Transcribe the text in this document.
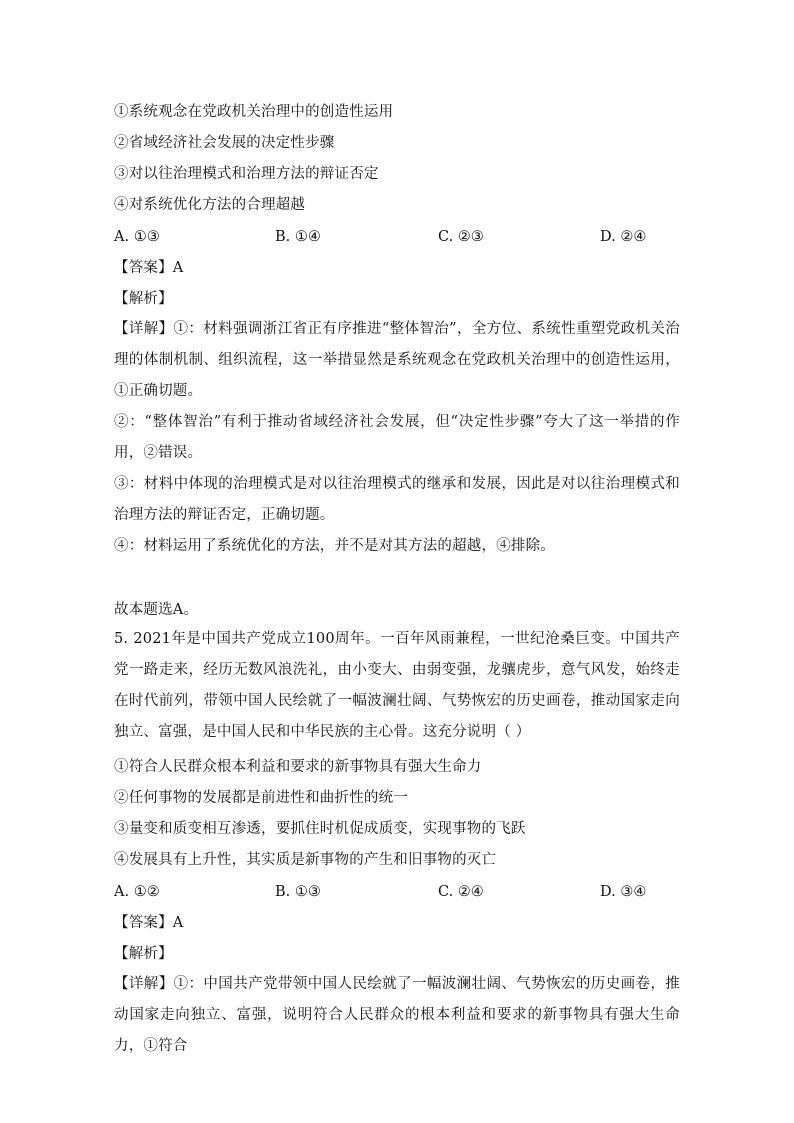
①系统观念在党政机关治理中的创造性运用
②省域经济社会发展的决定性步骤
③对以往治理模式和治理方法的辩证否定
④对系统优化方法的合理超越
A. ①③	B. ①④	C. ②③	D. ②④
【答案】A
【解析】
【详解】①：材料强调浙江省正有序推进“整体智治”，全方位、系统性重塑党政机关治理的体制机制、组织流程，这一举措显然是系统观念在党政机关治理中的创造性运用，①正确切题。
②：“整体智治”有利于推动省域经济社会发展，但“决定性步骤”夸大了这一举措的作用，②错误。
③：材料中体现的治理模式是对以往治理模式的继承和发展，因此是对以往治理模式和治理方法的辩证否定，正确切题。
④：材料运用了系统优化的方法，并不是对其方法的超越，④排除。
故本题选A。
5. 2021年是中国共产党成立100周年。一百年风雨兼程，一世纪沧桑巨变。中国共产党一路走来，经历无数风浪洗礼，由小变大、由弱变强，龙骧虎步，意气风发，始终走在时代前列，带领中国人民绘就了一幅波澜壮阔、气势恢宏的历史画卷，推动国家走向独立、富强，是中国人民和中华民族的主心骨。这充分说明（ ）
①符合人民群众根本利益和要求的新事物具有强大生命力
②任何事物的发展都是前进性和曲折性的统一
③量变和质变相互渗透，要抓住时机促成质变，实现事物的飞跃
④发展具有上升性，其实质是新事物的产生和旧事物的灭亡
A. ①②	B. ①③	C. ②④	D. ③④
【答案】A
【解析】
【详解】①：中国共产党带领中国人民绘就了一幅波澜壮阔、气势恢宏的历史画卷，推动国家走向独立、富强，说明符合人民群众的根本利益和要求的新事物具有强大生命力，①符合
